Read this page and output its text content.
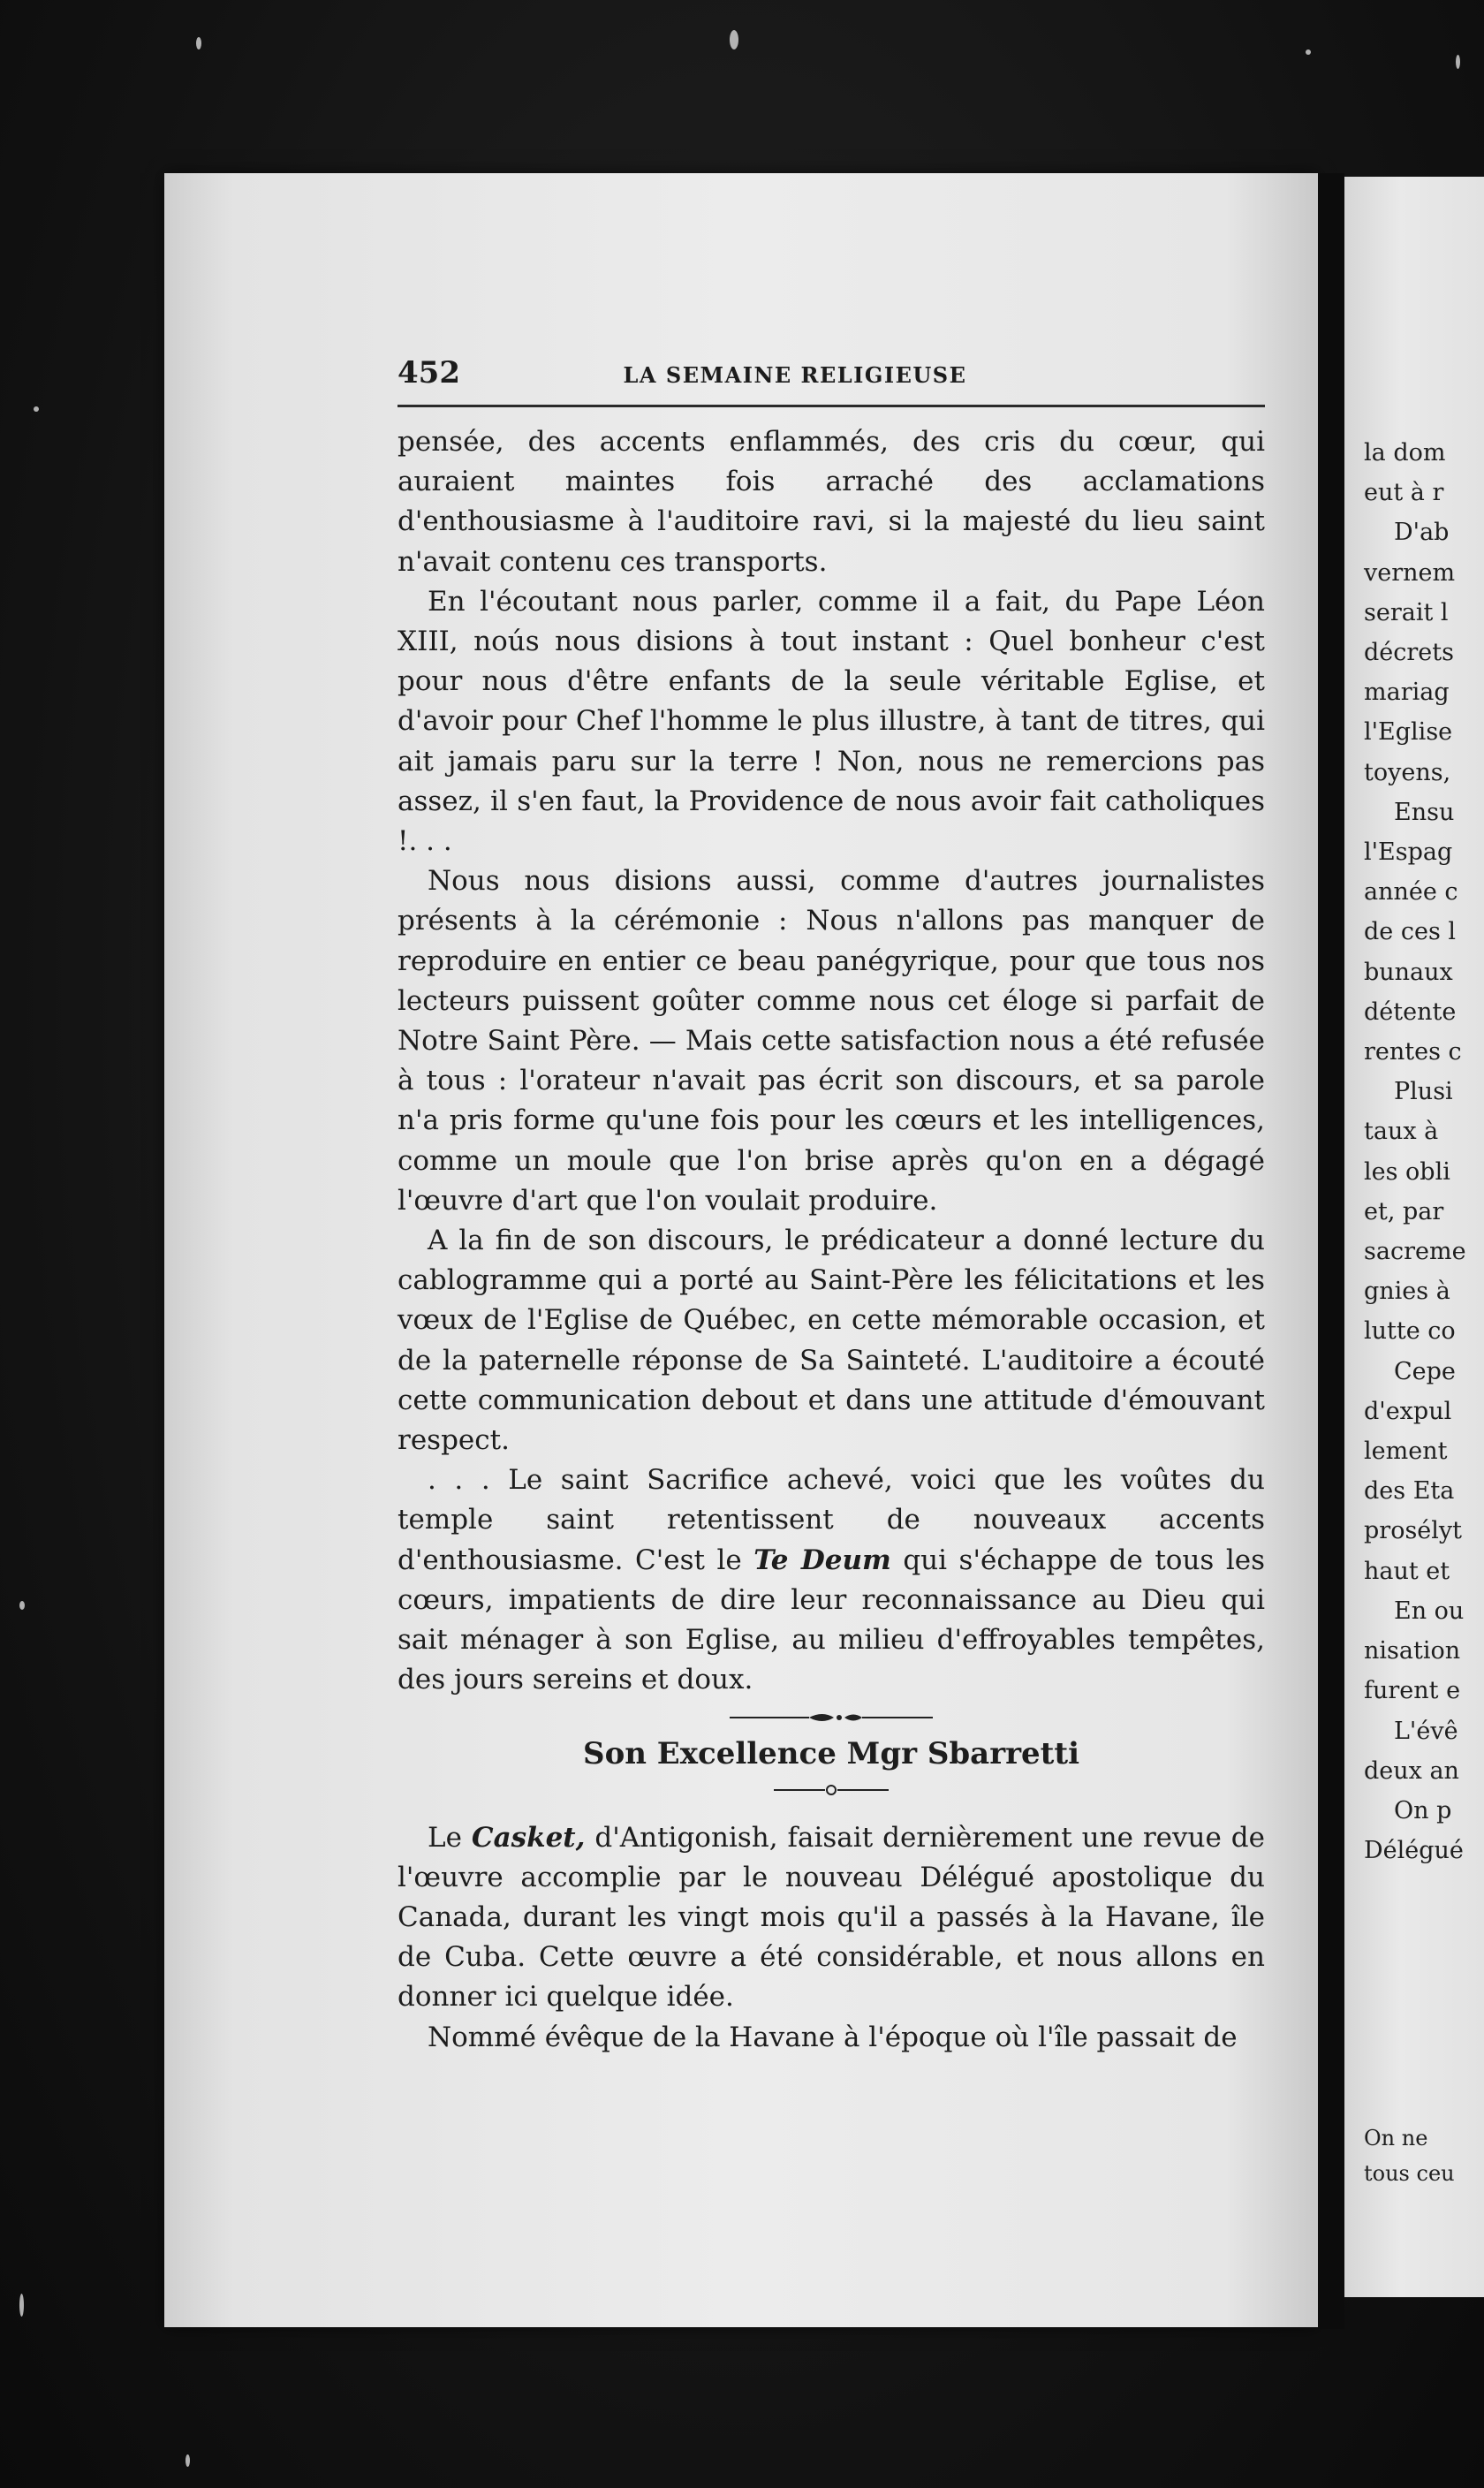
la dom
eut à r
D'ab
vernem
serait l
décrets
mariag
l'Eglise
toyens,
Ensu
l'Espag
année c
de ces l
bunaux
détente
rentes c
Plusi
taux à
les obli
et, par
sacreme
gnies à
lutte co
Cepe
d'expul
lement
des Eta
prosélyt
haut et
En ou
nisation
furent e
L'évê
deux an
On p
Délégué
On ne
tous ceu
452	LA SEMAINE RELIGIEUSE

pensée, des accents enflammés, des cris du cœur, qui auraient maintes fois arraché des acclamations d'enthousiasme à l'auditoire ravi, si la majesté du lieu saint n'avait contenu ces transports.

En l'écoutant nous parler, comme il a fait, du Pape Léon XIII, noús nous disions à tout instant : Quel bonheur c'est pour nous d'être enfants de la seule véritable Eglise, et d'avoir pour Chef l'homme le plus illustre, à tant de titres, qui ait jamais paru sur la terre ! Non, nous ne remercions pas assez, il s'en faut, la Providence de nous avoir fait catholiques !. . .

Nous nous disions aussi, comme d'autres journalistes présents à la cérémonie : Nous n'allons pas manquer de reproduire en entier ce beau panégyrique, pour que tous nos lecteurs puissent goûter comme nous cet éloge si parfait de Notre Saint Père. — Mais cette satisfaction nous a été refusée à tous : l'orateur n'avait pas écrit son discours, et sa parole n'a pris forme qu'une fois pour les cœurs et les intelligences, comme un moule que l'on brise après qu'on en a dégagé l'œuvre d'art que l'on voulait produire.

A la fin de son discours, le prédicateur a donné lecture du cablogramme qui a porté au Saint-Père les félicitations et les vœux de l'Eglise de Québec, en cette mémorable occasion, et de la paternelle réponse de Sa Sainteté. L'auditoire a écouté cette communication debout et dans une attitude d'émouvant respect.

. . . Le saint Sacrifice achevé, voici que les voûtes du temple saint retentissent de nouveaux accents d'enthousiasme. C'est le Te Deum qui s'échappe de tous les cœurs, impatients de dire leur reconnaissance au Dieu qui sait ménager à son Eglise, au milieu d'effroyables tempêtes, des jours sereins et doux.

Son Excellence Mgr Sbarretti

Le Casket, d'Antigonish, faisait dernièrement une revue de l'œuvre accomplie par le nouveau Délégué apostolique du Canada, durant les vingt mois qu'il a passés à la Havane, île de Cuba. Cette œuvre a été considérable, et nous allons en donner ici quelque idée.

Nommé évêque de la Havane à l'époque où l'île passait de
